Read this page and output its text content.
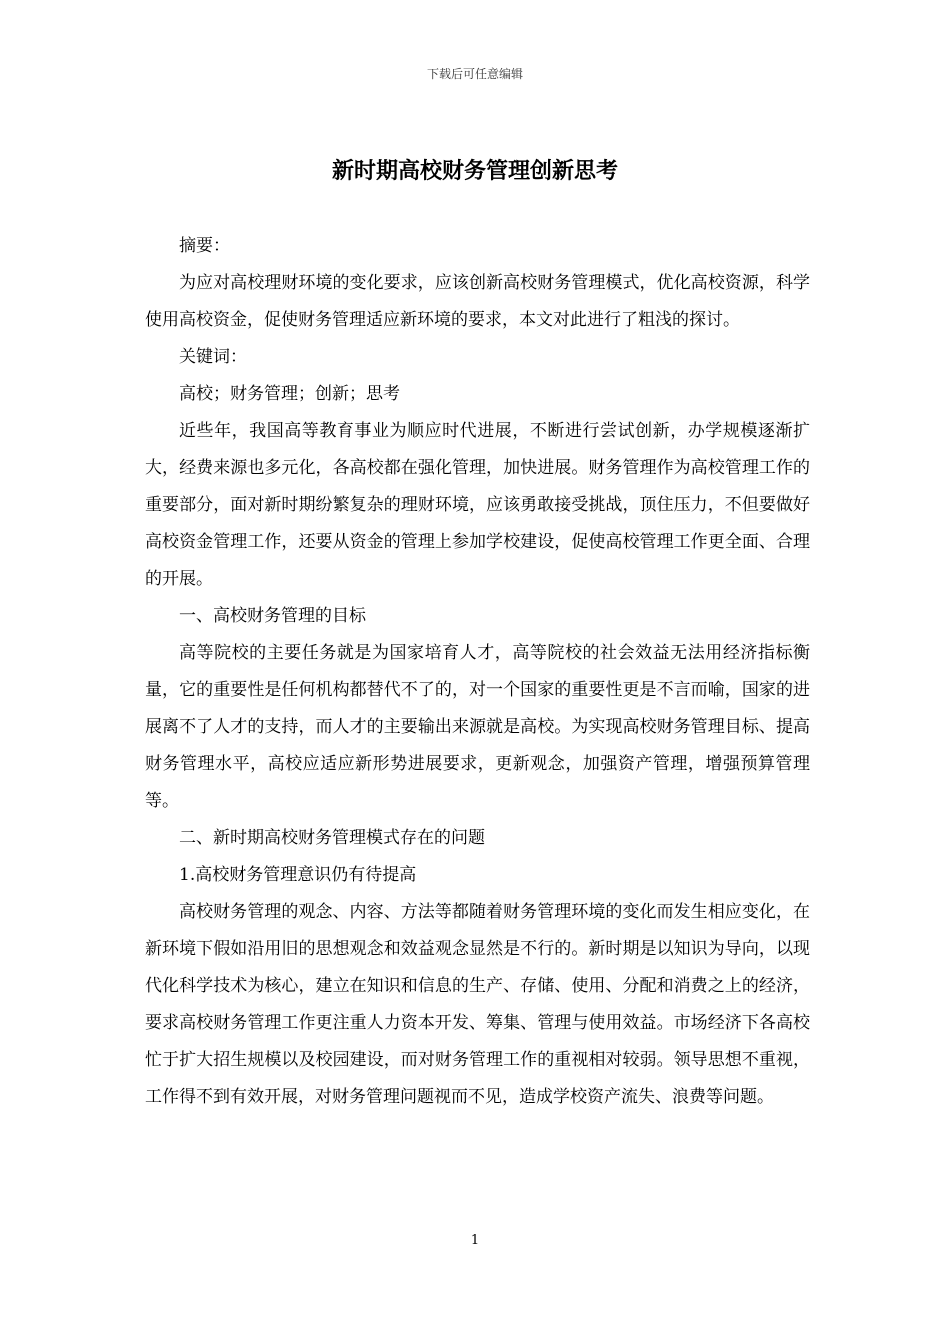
下载后可任意编辑
新时期高校财务管理创新思考

摘要：

为应对高校理财环境的变化要求，应该创新高校财务管理模式，优化高校资源，科学使用高校资金，促使财务管理适应新环境的要求，本文对此进行了粗浅的探讨。

关键词：

高校；财务管理；创新；思考

近些年，我国高等教育事业为顺应时代进展，不断进行尝试创新，办学规模逐渐扩大，经费来源也多元化，各高校都在强化管理，加快进展。财务管理作为高校管理工作的重要部分，面对新时期纷繁复杂的理财环境，应该勇敢接受挑战，顶住压力，不但要做好高校资金管理工作，还要从资金的管理上参加学校建设，促使高校管理工作更全面、合理的开展。

一、高校财务管理的目标

高等院校的主要任务就是为国家培育人才，高等院校的社会效益无法用经济指标衡量，它的重要性是任何机构都替代不了的，对一个国家的重要性更是不言而喻，国家的进展离不了人才的支持，而人才的主要输出来源就是高校。为实现高校财务管理目标、提高财务管理水平，高校应适应新形势进展要求，更新观念，加强资产管理，增强预算管理等。

二、新时期高校财务管理模式存在的问题

1.高校财务管理意识仍有待提高

高校财务管理的观念、内容、方法等都随着财务管理环境的变化而发生相应变化，在新环境下假如沿用旧的思想观念和效益观念显然是不行的。新时期是以知识为导向，以现代化科学技术为核心，建立在知识和信息的生产、存储、使用、分配和消费之上的经济，要求高校财务管理工作更注重人力资本开发、筹集、管理与使用效益。市场经济下各高校忙于扩大招生规模以及校园建设，而对财务管理工作的重视相对较弱。领导思想不重视，工作得不到有效开展，对财务管理问题视而不见，造成学校资产流失、浪费等问题。

1
